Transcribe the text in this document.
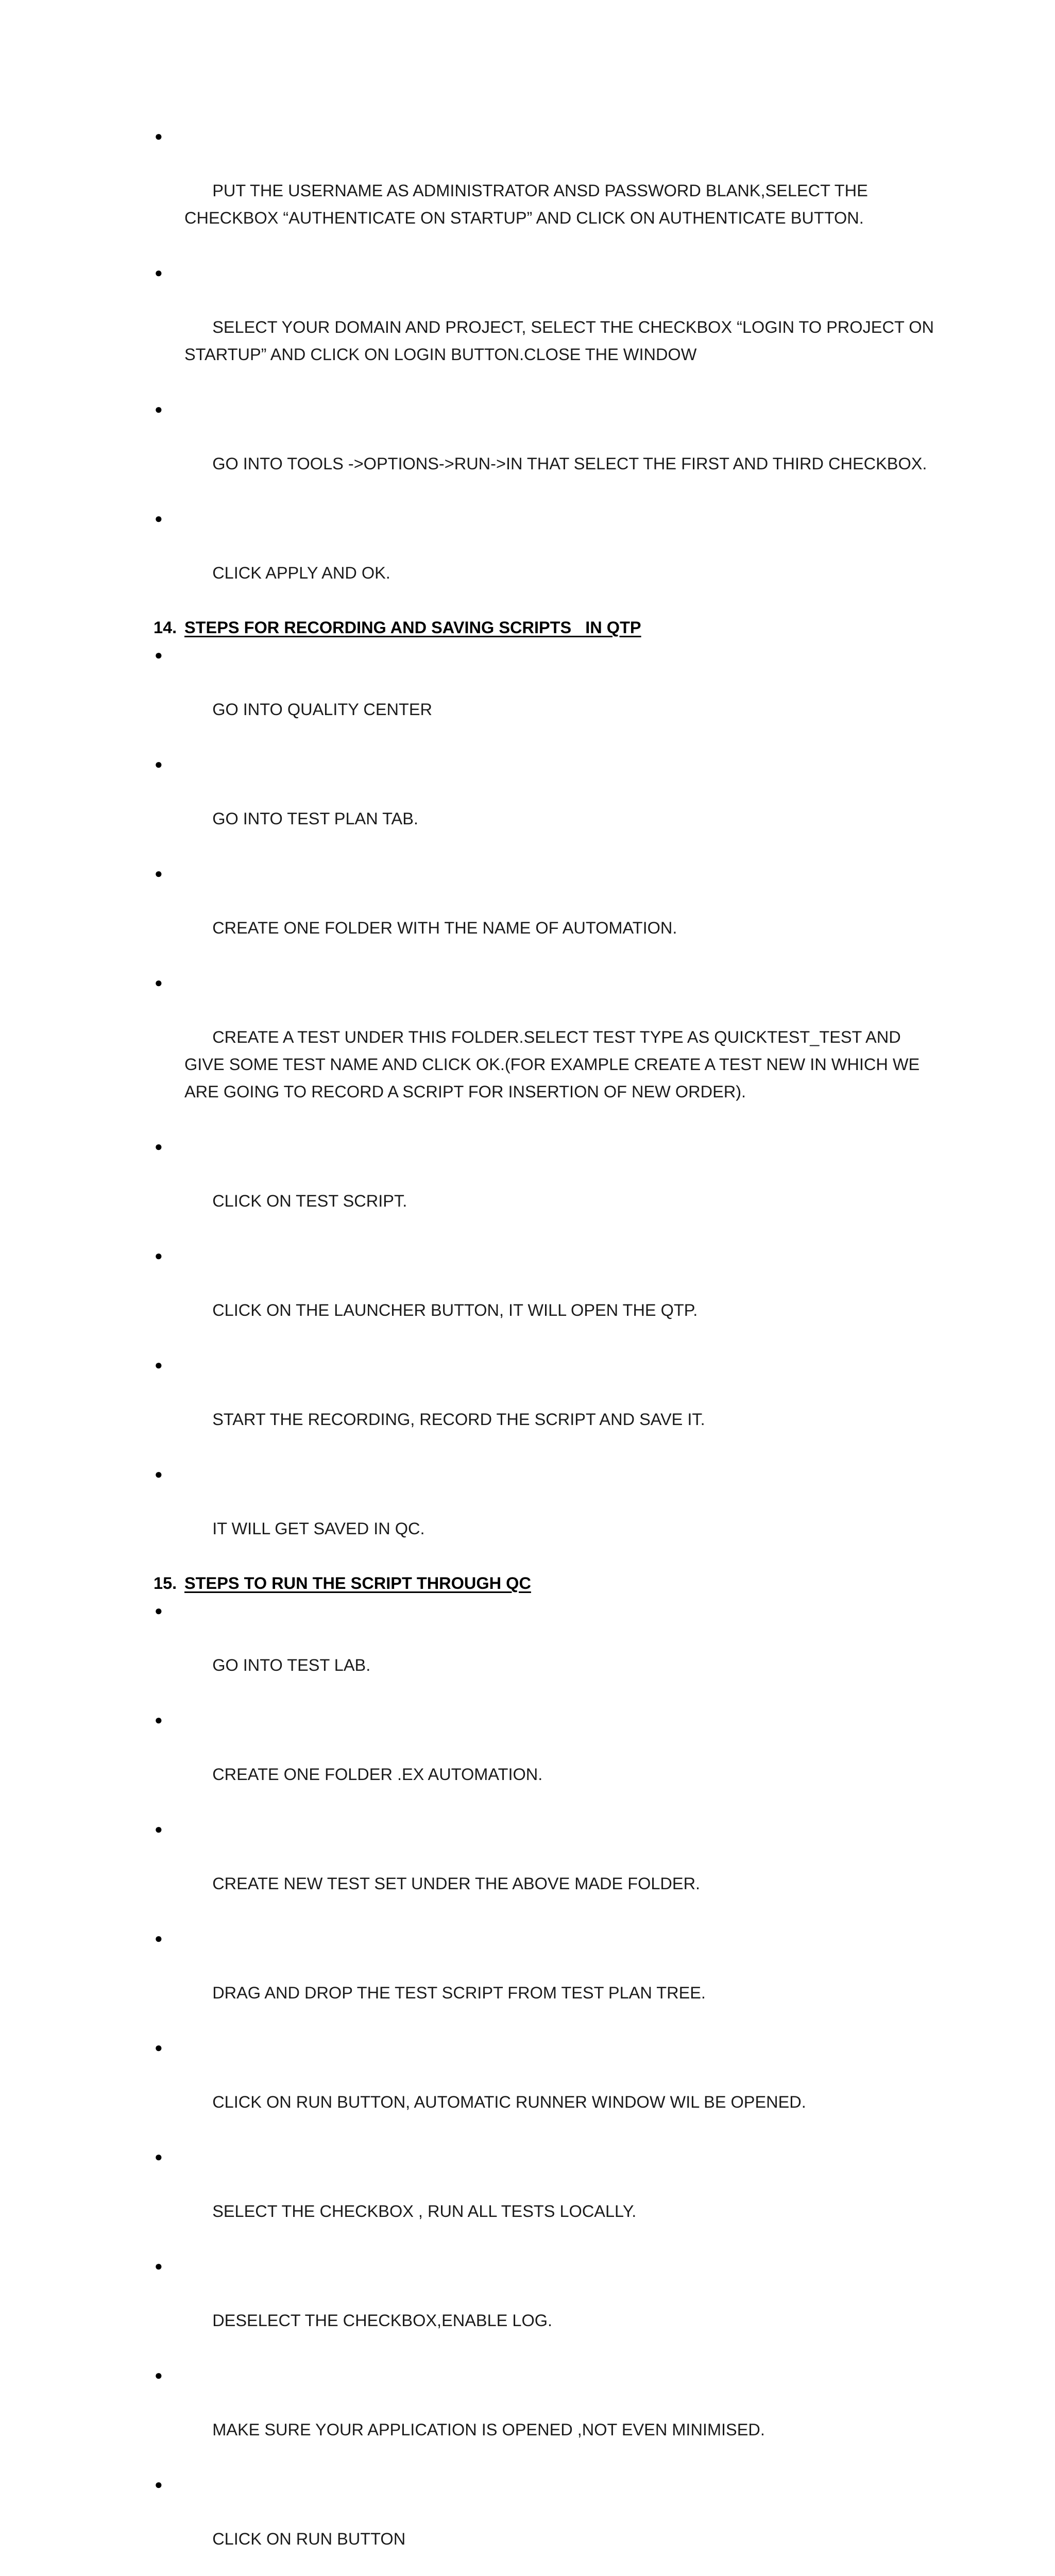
●

PUT THE USERNAME AS ADMINISTRATOR ANSD PASSWORD BLANK,SELECT THE CHECKBOX “AUTHENTICATE ON STARTUP” AND CLICK ON AUTHENTICATE BUTTON.

●

SELECT YOUR DOMAIN AND PROJECT, SELECT THE CHECKBOX “LOGIN TO PROJECT ON STARTUP” AND CLICK ON LOGIN BUTTON.CLOSE THE WINDOW

●

GO INTO TOOLS ->OPTIONS->RUN->IN THAT SELECT THE FIRST AND THIRD CHECKBOX.

●

CLICK APPLY AND OK.

14. STEPS FOR RECORDING AND SAVING SCRIPTS   IN QTP

●

GO INTO QUALITY CENTER

●

GO INTO TEST PLAN TAB.

●

CREATE ONE FOLDER WITH THE NAME OF AUTOMATION.

●

CREATE A TEST UNDER THIS FOLDER.SELECT TEST TYPE AS QUICKTEST_TEST AND GIVE SOME TEST NAME AND CLICK OK.(FOR EXAMPLE CREATE A TEST NEW IN WHICH WE ARE GOING TO RECORD A SCRIPT FOR INSERTION OF NEW ORDER).

●

CLICK ON TEST SCRIPT.

●

CLICK ON THE LAUNCHER BUTTON, IT WILL OPEN THE QTP.

●

START THE RECORDING, RECORD THE SCRIPT AND SAVE IT.

●

IT WILL GET SAVED IN QC.

15. STEPS TO RUN THE SCRIPT THROUGH QC

●

GO INTO TEST LAB.

●

CREATE ONE FOLDER .EX AUTOMATION.

●

CREATE NEW TEST SET UNDER THE ABOVE MADE FOLDER.

●

DRAG AND DROP THE TEST SCRIPT FROM TEST PLAN TREE.

●

CLICK ON RUN BUTTON, AUTOMATIC RUNNER WINDOW WIL BE OPENED.

●

SELECT THE CHECKBOX , RUN ALL TESTS LOCALLY.

●

DESELECT THE CHECKBOX,ENABLE LOG.

●

MAKE SURE YOUR APPLICATION IS OPENED ,NOT EVEN MINIMISED.

●

CLICK ON RUN BUTTON
